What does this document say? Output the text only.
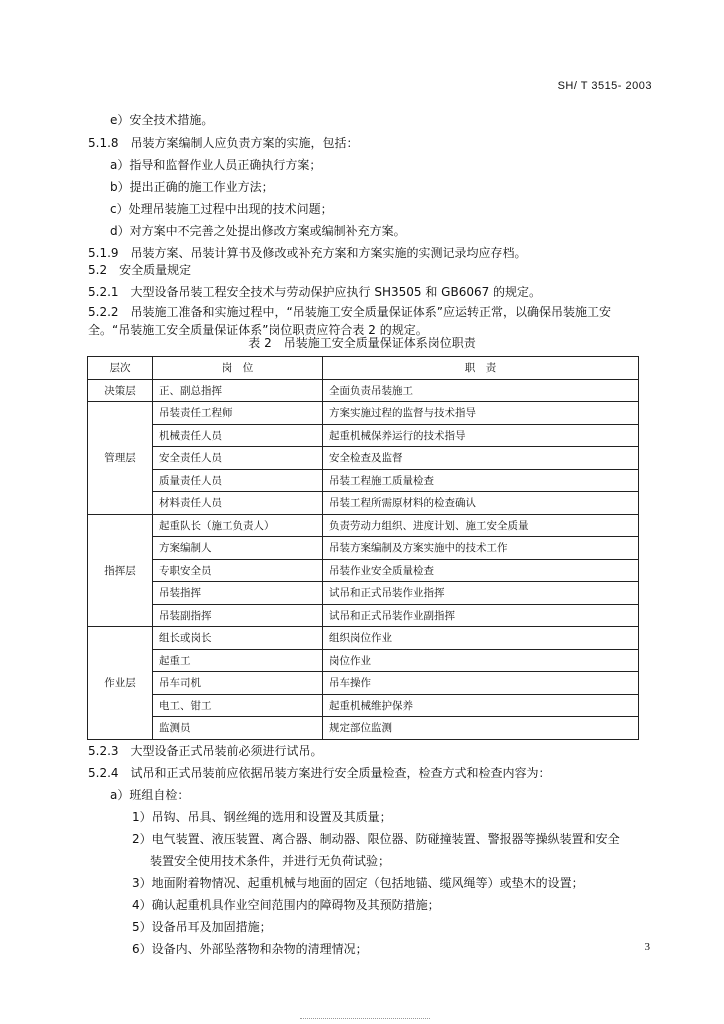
SH/ T 3515- 2003
e）安全技术措施。
5.1.8　吊装方案编制人应负责方案的实施，包括：
a）指导和监督作业人员正确执行方案；
b）提出正确的施工作业方法；
c）处理吊装施工过程中出现的技术问题；
d）对方案中不完善之处提出修改方案或编制补充方案。
5.1.9　吊装方案、吊装计算书及修改或补充方案和方案实施的实测记录均应存档。
5.2　安全质量规定
5.2.1　大型设备吊装工程安全技术与劳动保护应执行 SH3505 和 GB6067 的规定。
5.2.2　吊装施工准备和实施过程中，“吊装施工安全质量保证体系”应运转正常，以确保吊装施工安
全。“吊装施工安全质量保证体系”岗位职责应符合表 2 的规定。
表 2　吊装施工安全质量保证体系岗位职责
层次	岗　位	职　责
决策层	正、副总指挥	全面负责吊装施工
管理层	吊装责任工程师	方案实施过程的监督与技术指导
	机械责任人员	起重机械保养运行的技术指导
	安全责任人员	安全检查及监督
	质量责任人员	吊装工程施工质量检查
	材料责任人员	吊装工程所需原材料的检查确认
指挥层	起重队长（施工负责人）	负责劳动力组织、进度计划、施工安全质量
	方案编制人	吊装方案编制及方案实施中的技术工作
	专职安全员	吊装作业安全质量检查
	吊装指挥	试吊和正式吊装作业指挥
	吊装副指挥	试吊和正式吊装作业副指挥
作业层	组长或岗长	组织岗位作业
	起重工	岗位作业
	吊车司机	吊车操作
	电工、钳工	起重机械维护保养
	监测员	规定部位监测
5.2.3　大型设备正式吊装前必须进行试吊。
5.2.4　试吊和正式吊装前应依据吊装方案进行安全质量检查，检查方式和检查内容为：
a）班组自检：
1）吊钩、吊具、钢丝绳的选用和设置及其质量；
2）电气装置、液压装置、离合器、制动器、限位器、防碰撞装置、警报器等操纵装置和安全
装置安全使用技术条件，并进行无负荷试验；
3）地面附着物情况、起重机械与地面的固定（包括地锚、缆风绳等）或垫木的设置；
4）确认起重机具作业空间范围内的障碍物及其预防措施；
5）设备吊耳及加固措施；
6）设备内、外部坠落物和杂物的清理情况；	3
